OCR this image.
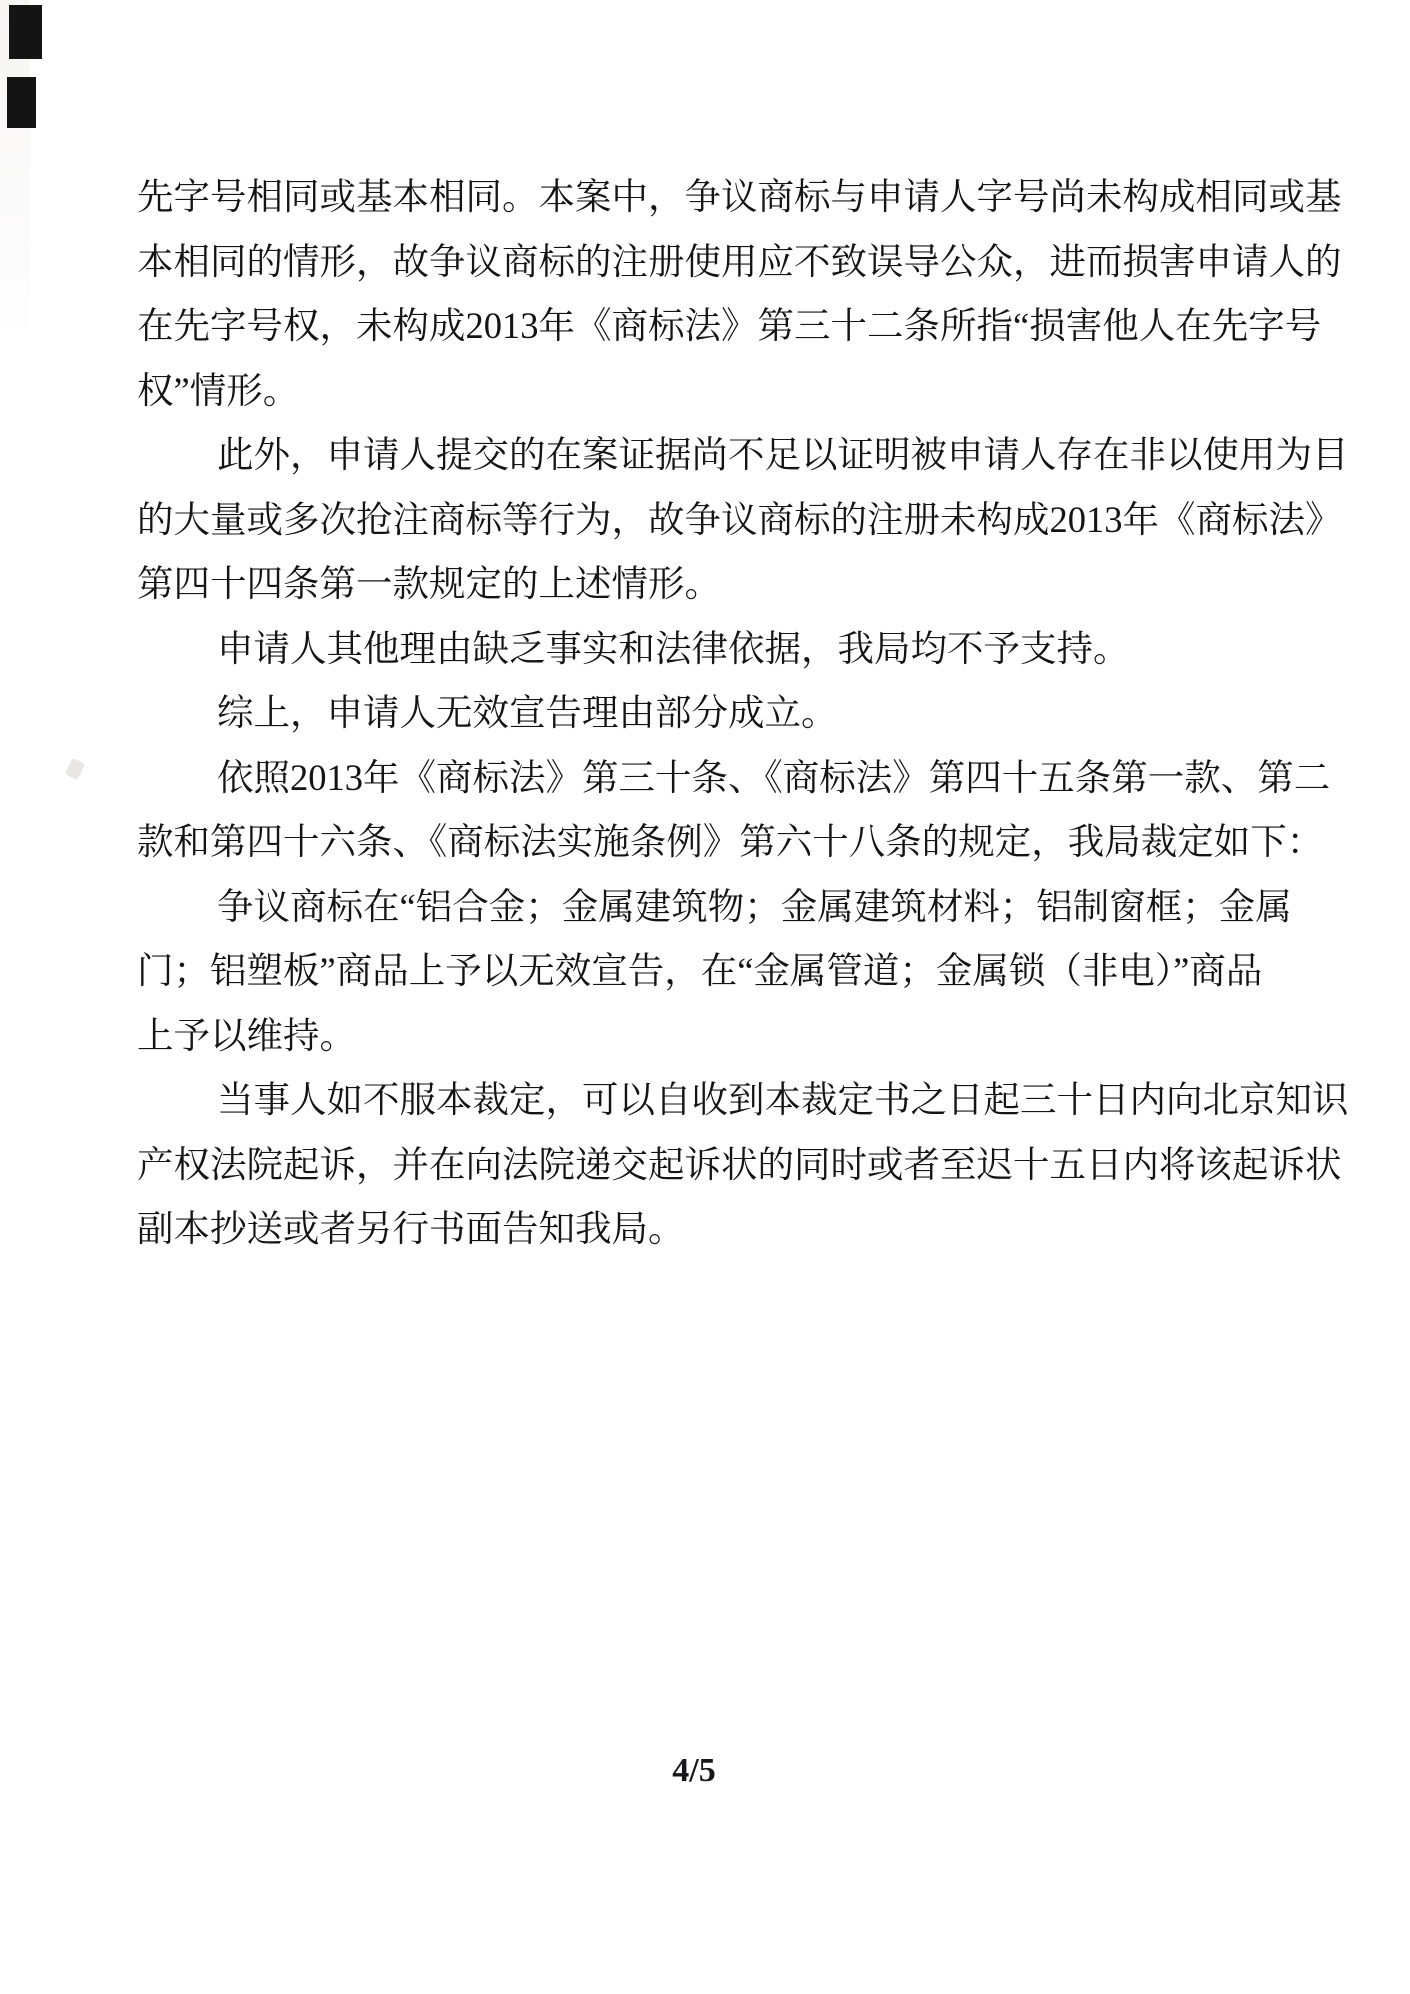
先字号相同或基本相同。本案中，争议商标与申请人字号尚未构成相同或基
本相同的情形，故争议商标的注册使用应不致误导公众，进而损害申请人的
在先字号权，未构成2013年《商标法》第三十二条所指“损害他人在先字号
权”情形。
此外，申请人提交的在案证据尚不足以证明被申请人存在非以使用为目
的大量或多次抢注商标等行为，故争议商标的注册未构成2013年《商标法》
第四十四条第一款规定的上述情形。
申请人其他理由缺乏事实和法律依据，我局均不予支持。
综上，申请人无效宣告理由部分成立。
依照2013年《商标法》第三十条、《商标法》第四十五条第一款、第二
款和第四十六条、《商标法实施条例》第六十八条的规定，我局裁定如下：
争议商标在“铝合金；金属建筑物；金属建筑材料；铝制窗框；金属
门；铝塑板”商品上予以无效宣告，在“金属管道；金属锁（非电）”商品
上予以维持。
当事人如不服本裁定，可以自收到本裁定书之日起三十日内向北京知识
产权法院起诉，并在向法院递交起诉状的同时或者至迟十五日内将该起诉状
副本抄送或者另行书面告知我局。
4/5
